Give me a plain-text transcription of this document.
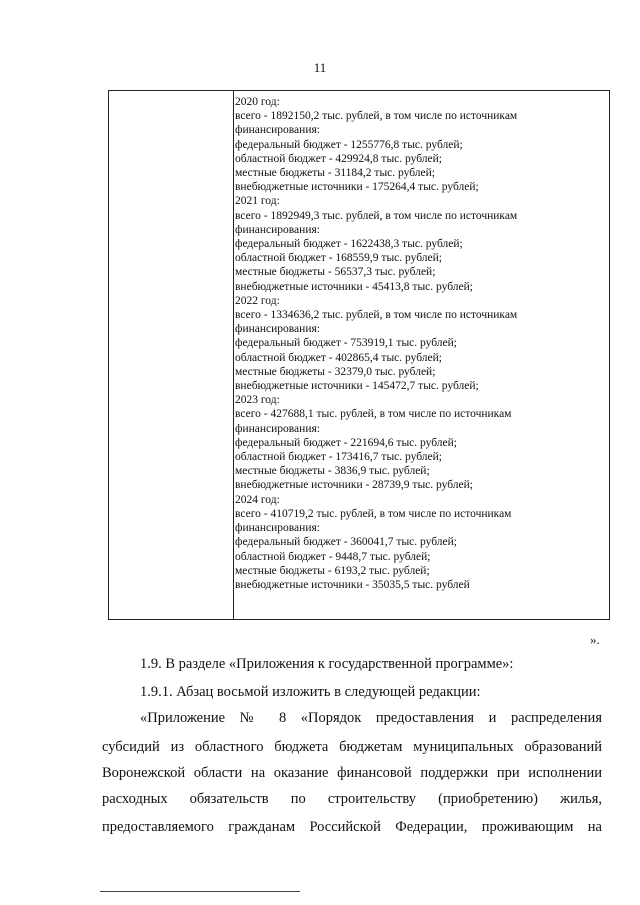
11
2020 год:
всего - 1892150,2 тыс. рублей, в том числе по источникам
финансирования:
федеральный бюджет - 1255776,8 тыс. рублей;
областной бюджет - 429924,8 тыс. рублей;
местные бюджеты - 31184,2 тыс. рублей;
внебюджетные источники - 175264,4 тыс. рублей;
2021 год:
всего - 1892949,3 тыс. рублей, в том числе по источникам
финансирования:
федеральный бюджет - 1622438,3 тыс. рублей;
областной бюджет - 168559,9 тыс. рублей;
местные бюджеты - 56537,3 тыс. рублей;
внебюджетные источники - 45413,8 тыс. рублей;
2022 год:
всего - 1334636,2 тыс. рублей, в том числе по источникам
финансирования:
федеральный бюджет - 753919,1 тыс. рублей;
областной бюджет - 402865,4 тыс. рублей;
местные бюджеты - 32379,0 тыс. рублей;
внебюджетные источники - 145472,7 тыс. рублей;
2023 год:
всего - 427688,1 тыс. рублей, в том числе по источникам
финансирования:
федеральный бюджет - 221694,6 тыс. рублей;
областной бюджет - 173416,7 тыс. рублей;
местные бюджеты - 3836,9 тыс. рублей;
внебюджетные источники - 28739,9 тыс. рублей;
2024 год:
всего - 410719,2 тыс. рублей, в том числе по источникам
финансирования:
федеральный бюджет - 360041,7 тыс. рублей;
областной бюджет - 9448,7 тыс. рублей;
местные бюджеты - 6193,2 тыс. рублей;
внебюджетные источники - 35035,5 тыс. рублей
».
1.9. В разделе «Приложения к государственной программе»:
1.9.1. Абзац восьмой изложить в следующей редакции:
«Приложение № 8 «Порядок предоставления и распределения
субсидий из областного бюджета бюджетам муниципальных образований
Воронежской области на оказание финансовой поддержки при исполнении
расходных обязательств по строительству (приобретению) жилья,
предоставляемого гражданам Российской Федерации, проживающим на
